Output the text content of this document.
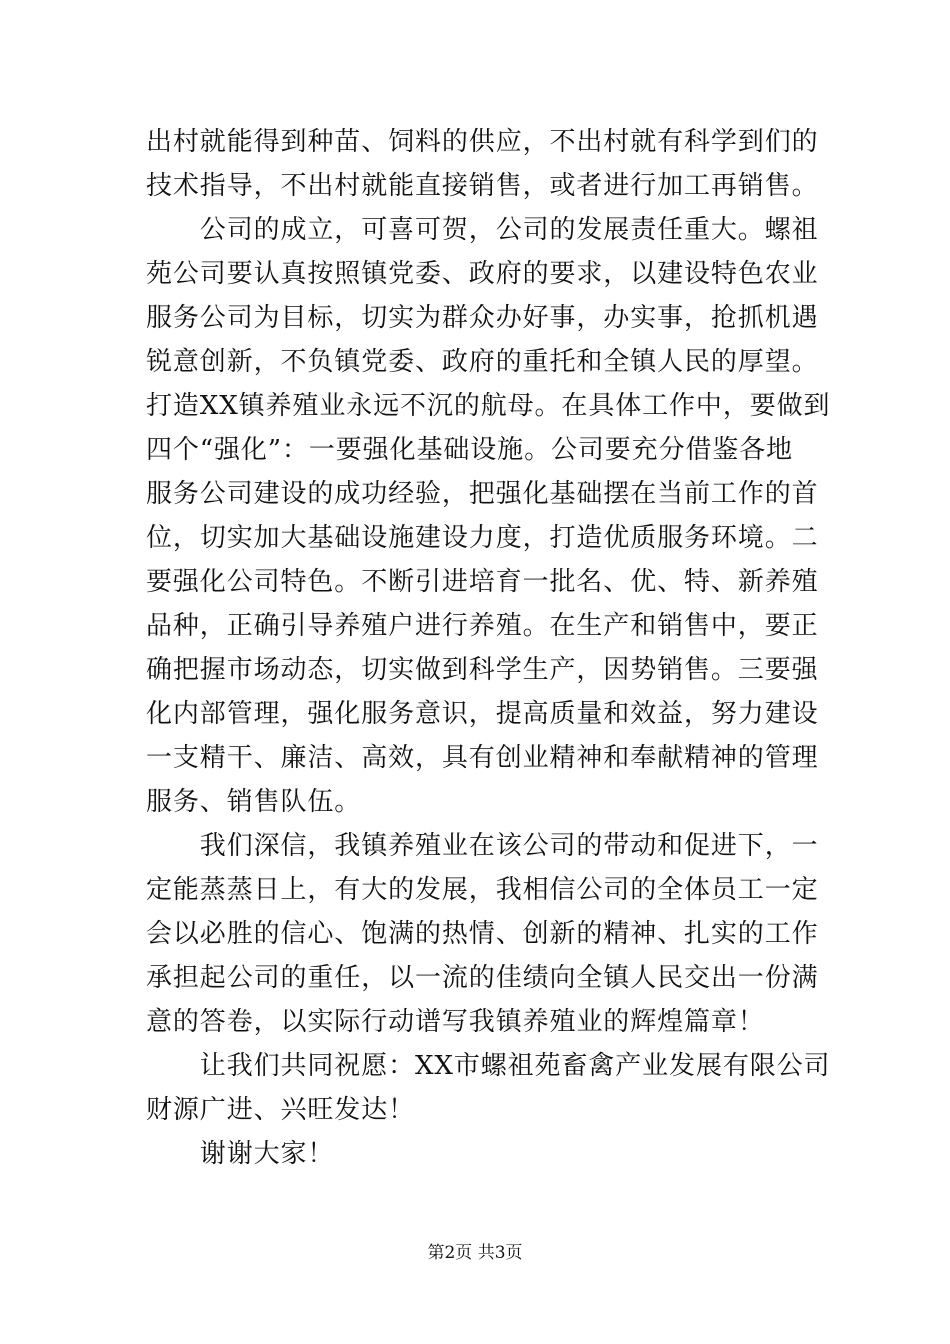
出村就能得到种苗、饲料的供应，不出村就有科学到们的
技术指导，不出村就能直接销售，或者进行加工再销售。
　　公司的成立，可喜可贺，公司的发展责任重大。螺祖
苑公司要认真按照镇党委、政府的要求，以建设特色农业
服务公司为目标，切实为群众办好事，办实事，抢抓机遇
锐意创新，不负镇党委、政府的重托和全镇人民的厚望。
打造XX镇养殖业永远不沉的航母。在具体工作中，要做到
四个“强化”：一要强化基础设施。公司要充分借鉴各地
服务公司建设的成功经验，把强化基础摆在当前工作的首
位，切实加大基础设施建设力度，打造优质服务环境。二
要强化公司特色。不断引进培育一批名、优、特、新养殖
品种，正确引导养殖户进行养殖。在生产和销售中，要正
确把握市场动态，切实做到科学生产，因势销售。三要强
化内部管理，强化服务意识，提高质量和效益，努力建设
一支精干、廉洁、高效，具有创业精神和奉献精神的管理
服务、销售队伍。
　　我们深信，我镇养殖业在该公司的带动和促进下，一
定能蒸蒸日上，有大的发展，我相信公司的全体员工一定
会以必胜的信心、饱满的热情、创新的精神、扎实的工作
承担起公司的重任，以一流的佳绩向全镇人民交出一份满
意的答卷，以实际行动谱写我镇养殖业的辉煌篇章！
　　让我们共同祝愿：XX市螺祖苑畜禽产业发展有限公司
财源广进、兴旺发达！
　　谢谢大家！
第2页 共3页
